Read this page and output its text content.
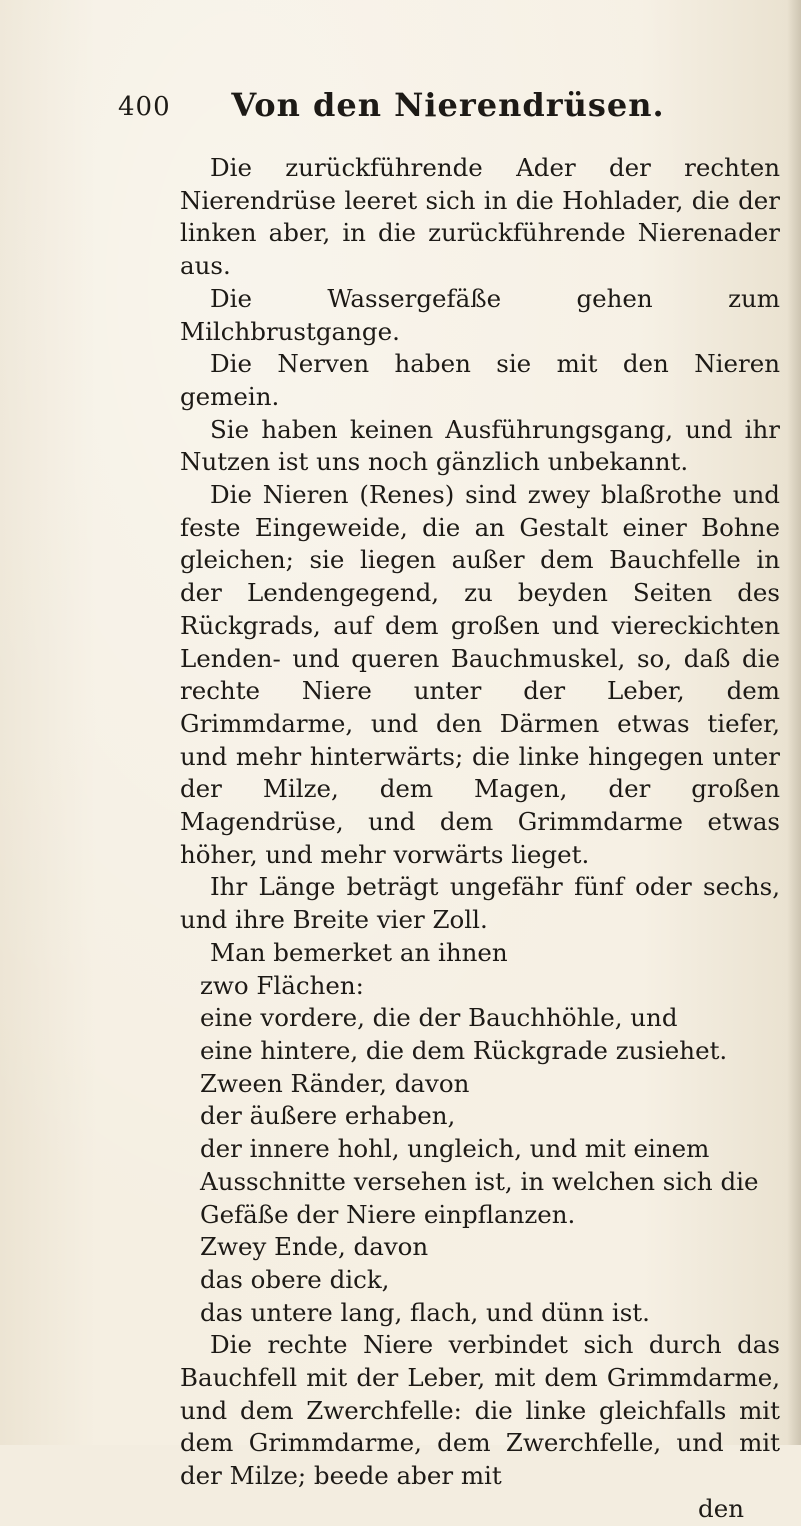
400	Von den Nierendrüsen.

Die zurückführende Ader der rechten Nierendrüse leeret sich in die Hohlader, die der linken aber, in die zurückführende Nierenader aus.

Die Wassergefäße gehen zum Milchbrustgange.

Die Nerven haben sie mit den Nieren gemein.

Sie haben keinen Ausführungsgang, und ihr Nutzen ist uns noch gänzlich unbekannt.

Die Nieren (Renes) sind zwey blaßrothe und feste Eingeweide, die an Gestalt einer Bohne gleichen; sie liegen außer dem Bauchfelle in der Lendengegend, zu beyden Seiten des Rückgrads, auf dem großen und viereckichten Lenden- und queren Bauchmuskel, so, daß die rechte Niere unter der Leber, dem Grimmdarme, und den Därmen etwas tiefer, und mehr hinterwärts; die linke hingegen unter der Milze, dem Magen, der großen Magendrüse, und dem Grimmdarme etwas höher, und mehr vorwärts lieget.

Ihr Länge beträgt ungefähr fünf oder sechs, und ihre Breite vier Zoll.

Man bemerket an ihnen

zwo Flächen:

eine vordere, die der Bauchhöhle, und

eine hintere, die dem Rückgrade zusiehet.

Zween Ränder, davon

der äußere erhaben,

der innere hohl, ungleich, und mit einem Ausschnitte versehen ist, in welchen sich die Gefäße der Niere einpflanzen.

Zwey Ende, davon

das obere dick,

das untere lang, flach, und dünn ist.

Die rechte Niere verbindet sich durch das Bauchfell mit der Leber, mit dem Grimmdarme, und dem Zwerchfelle: die linke gleichfalls mit dem Grimmdarme, dem Zwerchfelle, und mit der Milze; beede aber mit

den
